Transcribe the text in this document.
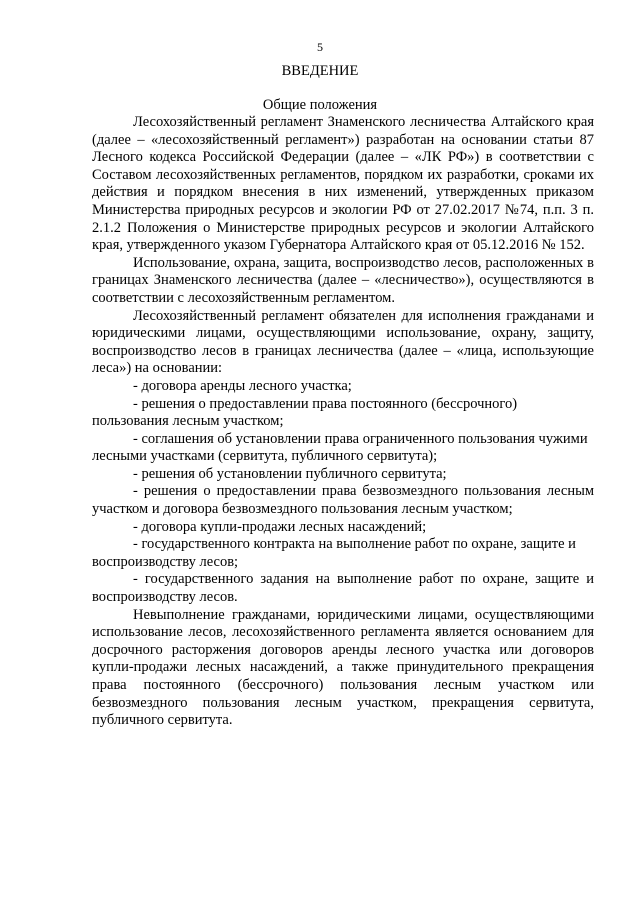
5
ВВЕДЕНИЕ
Общие положения

Лесохозяйственный регламент Знаменского лесничества Алтайского края (далее – «лесохозяйственный регламент») разработан на основании статьи 87 Лесного кодекса Российской Федерации (далее – «ЛК РФ») в соответствии с Составом лесохозяйственных регламентов, порядком их разработки, сроками их действия и порядком внесения в них изменений, утвержденных приказом Министерства природных ресурсов и экологии РФ от 27.02.2017 №74, п.п. 3 п. 2.1.2 Положения о Министерстве природных ресурсов и экологии Алтайского края, утвержденного указом Губернатора Алтайского края от 05.12.2016 № 152.

Использование, охрана, защита, воспроизводство лесов, расположенных в границах Знаменского лесничества (далее – «лесничество»), осуществляются в соответствии с лесохозяйственным регламентом.

Лесохозяйственный регламент обязателен для исполнения гражданами и юридическими лицами, осуществляющими использование, охрану, защиту, воспроизводство лесов в границах лесничества (далее – «лица, использующие леса») на основании:

- договора аренды лесного участка;

- решения о предоставлении права постоянного (бессрочного) пользования лесным участком;

- соглашения об установлении права ограниченного пользования чужими лесными участками (сервитута, публичного сервитута);

- решения об установлении публичного сервитута;

- решения о предоставлении права безвозмездного пользования лесным участком и договора безвозмездного пользования лесным участком;

- договора купли-продажи лесных насаждений;

- государственного контракта на выполнение работ по охране, защите и воспроизводству лесов;

- государственного задания на выполнение работ по охране, защите и воспроизводству лесов.

Невыполнение гражданами, юридическими лицами, осуществляющими использование лесов, лесохозяйственного регламента является основанием для досрочного расторжения договоров аренды лесного участка или договоров купли-продажи лесных насаждений, а также принудительного прекращения права постоянного (бессрочного) пользования лесным участком или безвозмездного пользования лесным участком, прекращения сервитута, публичного сервитута.
